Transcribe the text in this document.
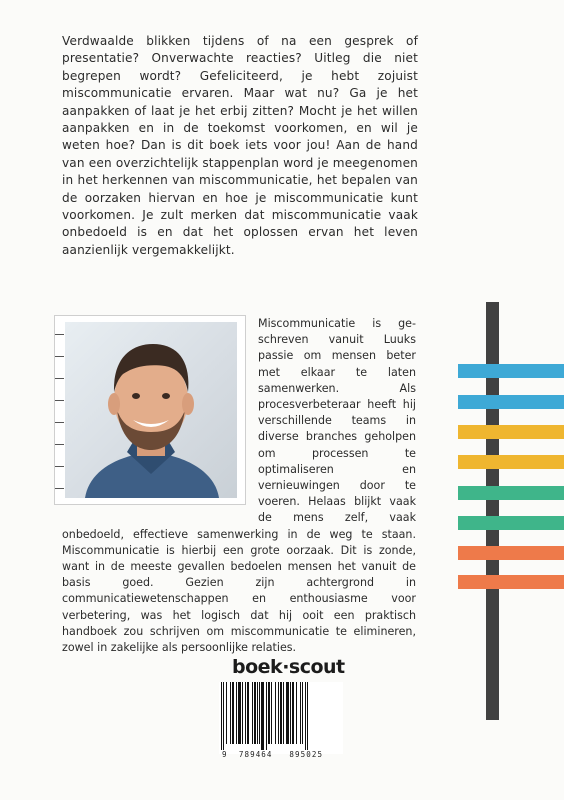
Verdwaalde blikken tijdens of na een gesprek of presentatie? Onverwachte reacties? Uitleg die niet begrepen wordt? Gefeliciteerd, je hebt zojuist miscommunicatie ervaren. Maar wat nu? Ga je het aanpakken of laat je het erbij zitten? Mocht je het willen aanpakken en in de toekomst voorkomen, en wil je weten hoe? Dan is dit boek iets voor jou! Aan de hand van een overzichtelijk stappenplan word je meegenomen in het herkennen van miscommunicatie, het bepalen van de oorzaken hiervan en hoe je miscommunicatie kunt voorkomen. Je zult merken dat miscommunicatie vaak onbedoeld is en dat het oplossen ervan het leven aanzienlijk vergemakkelijkt.

Miscommunicatie is geschreven vanuit Luuks passie om mensen beter met elkaar te laten samenwerken. Als procesverbeteraar heeft hij verschillende teams in diverse branches geholpen om processen te optimaliseren en vernieuwingen door te voeren. Helaas blijkt vaak de mens zelf, vaak onbedoeld, effectieve samenwerking in de weg te staan. Miscommunicatie is hierbij een grote oorzaak. Dit is zonde, want in de meeste gevallen bedoelen mensen het vanuit de basis goed. Gezien zijn achtergrond in communicatiewetenschappen en enthousiasme voor verbetering, was het logisch dat hij ooit een praktisch handboek zou schrijven om miscommunicatie te elimineren, zowel in zakelijke als persoonlijke relaties.

boek·scout
9  789464   895025
